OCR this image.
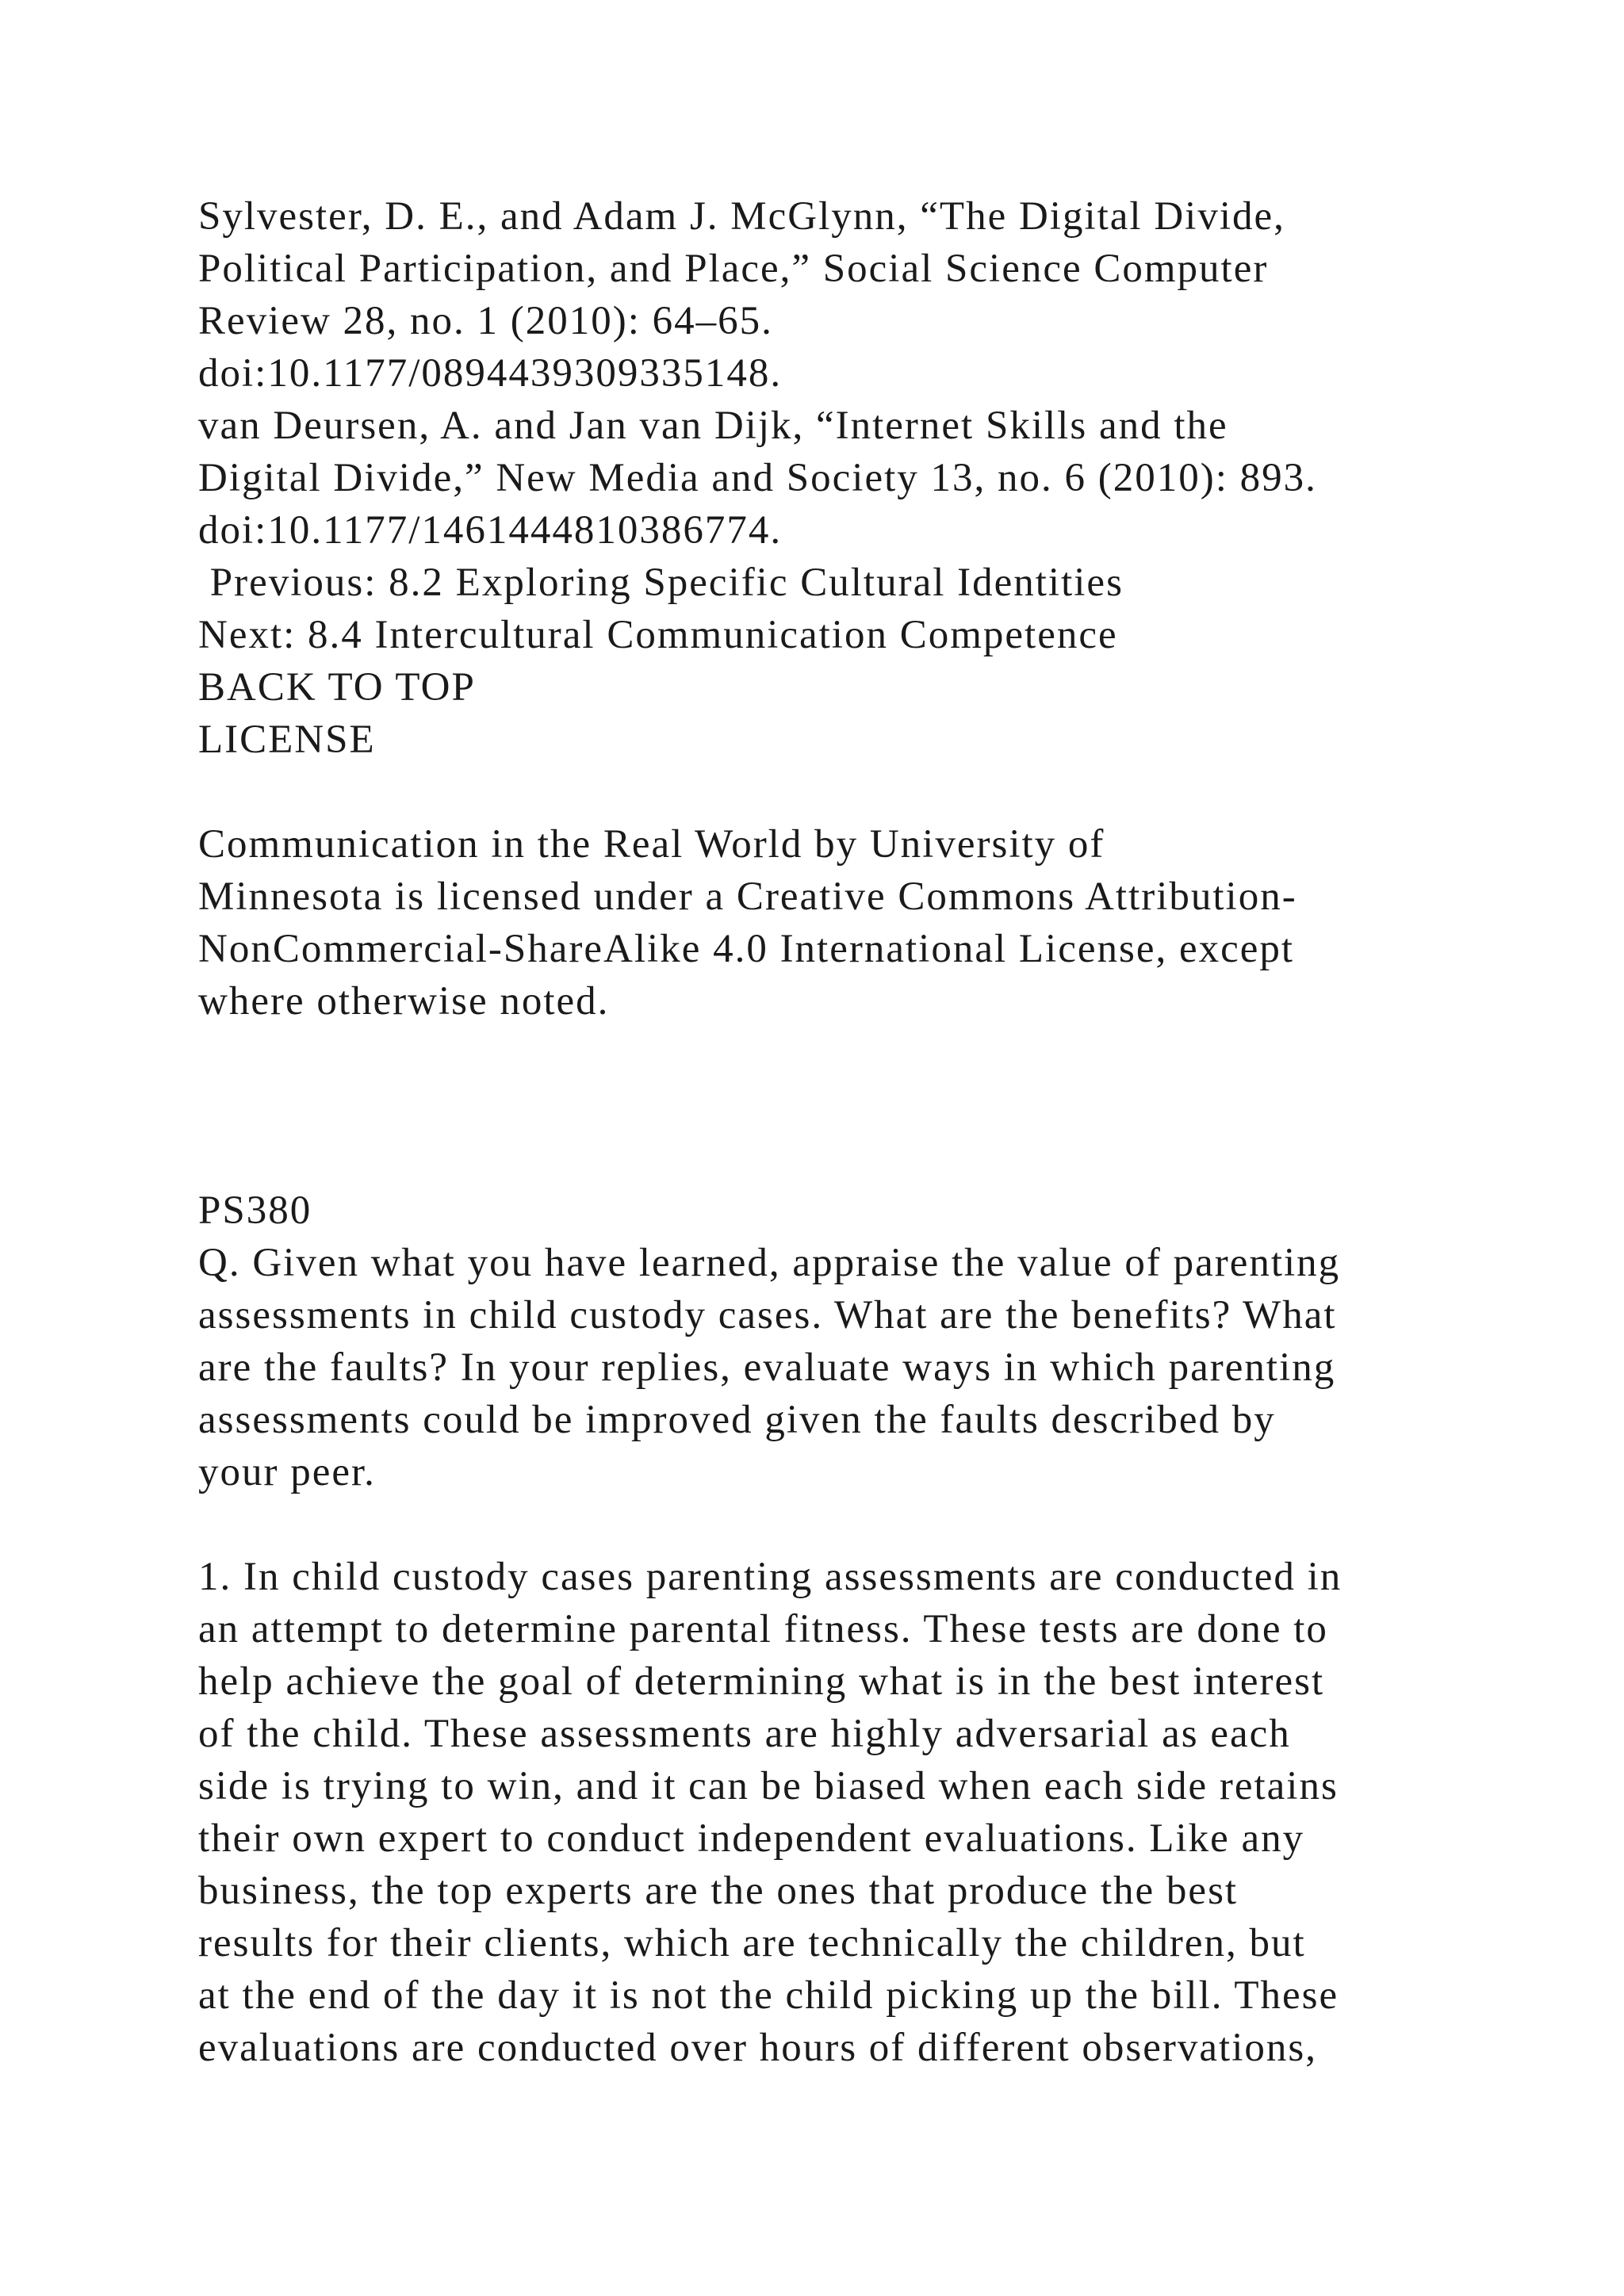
Sylvester, D. E., and Adam J. McGlynn, “The Digital Divide,
Political Participation, and Place,” Social Science Computer
Review 28, no. 1 (2010): 64–65.
doi:10.1177/0894439309335148.
van Deursen, A. and Jan van Dijk, “Internet Skills and the
Digital Divide,” New Media and Society 13, no. 6 (2010): 893.
doi:10.1177/1461444810386774.
Previous: 8.2 Exploring Specific Cultural Identities
Next: 8.4 Intercultural Communication Competence
BACK TO TOP
LICENSE
Communication in the Real World by University of
Minnesota is licensed under a Creative Commons Attribution-
NonCommercial-ShareAlike 4.0 International License, except
where otherwise noted.
PS380
Q. Given what you have learned, appraise the value of parenting
assessments in child custody cases. What are the benefits? What
are the faults? In your replies, evaluate ways in which parenting
assessments could be improved given the faults described by
your peer.
1. In child custody cases parenting assessments are conducted in
an attempt to determine parental fitness. These tests are done to
help achieve the goal of determining what is in the best interest
of the child. These assessments are highly adversarial as each
side is trying to win, and it can be biased when each side retains
their own expert to conduct independent evaluations. Like any
business, the top experts are the ones that produce the best
results for their clients, which are technically the children, but
at the end of the day it is not the child picking up the bill. These
evaluations are conducted over hours of different observations,
